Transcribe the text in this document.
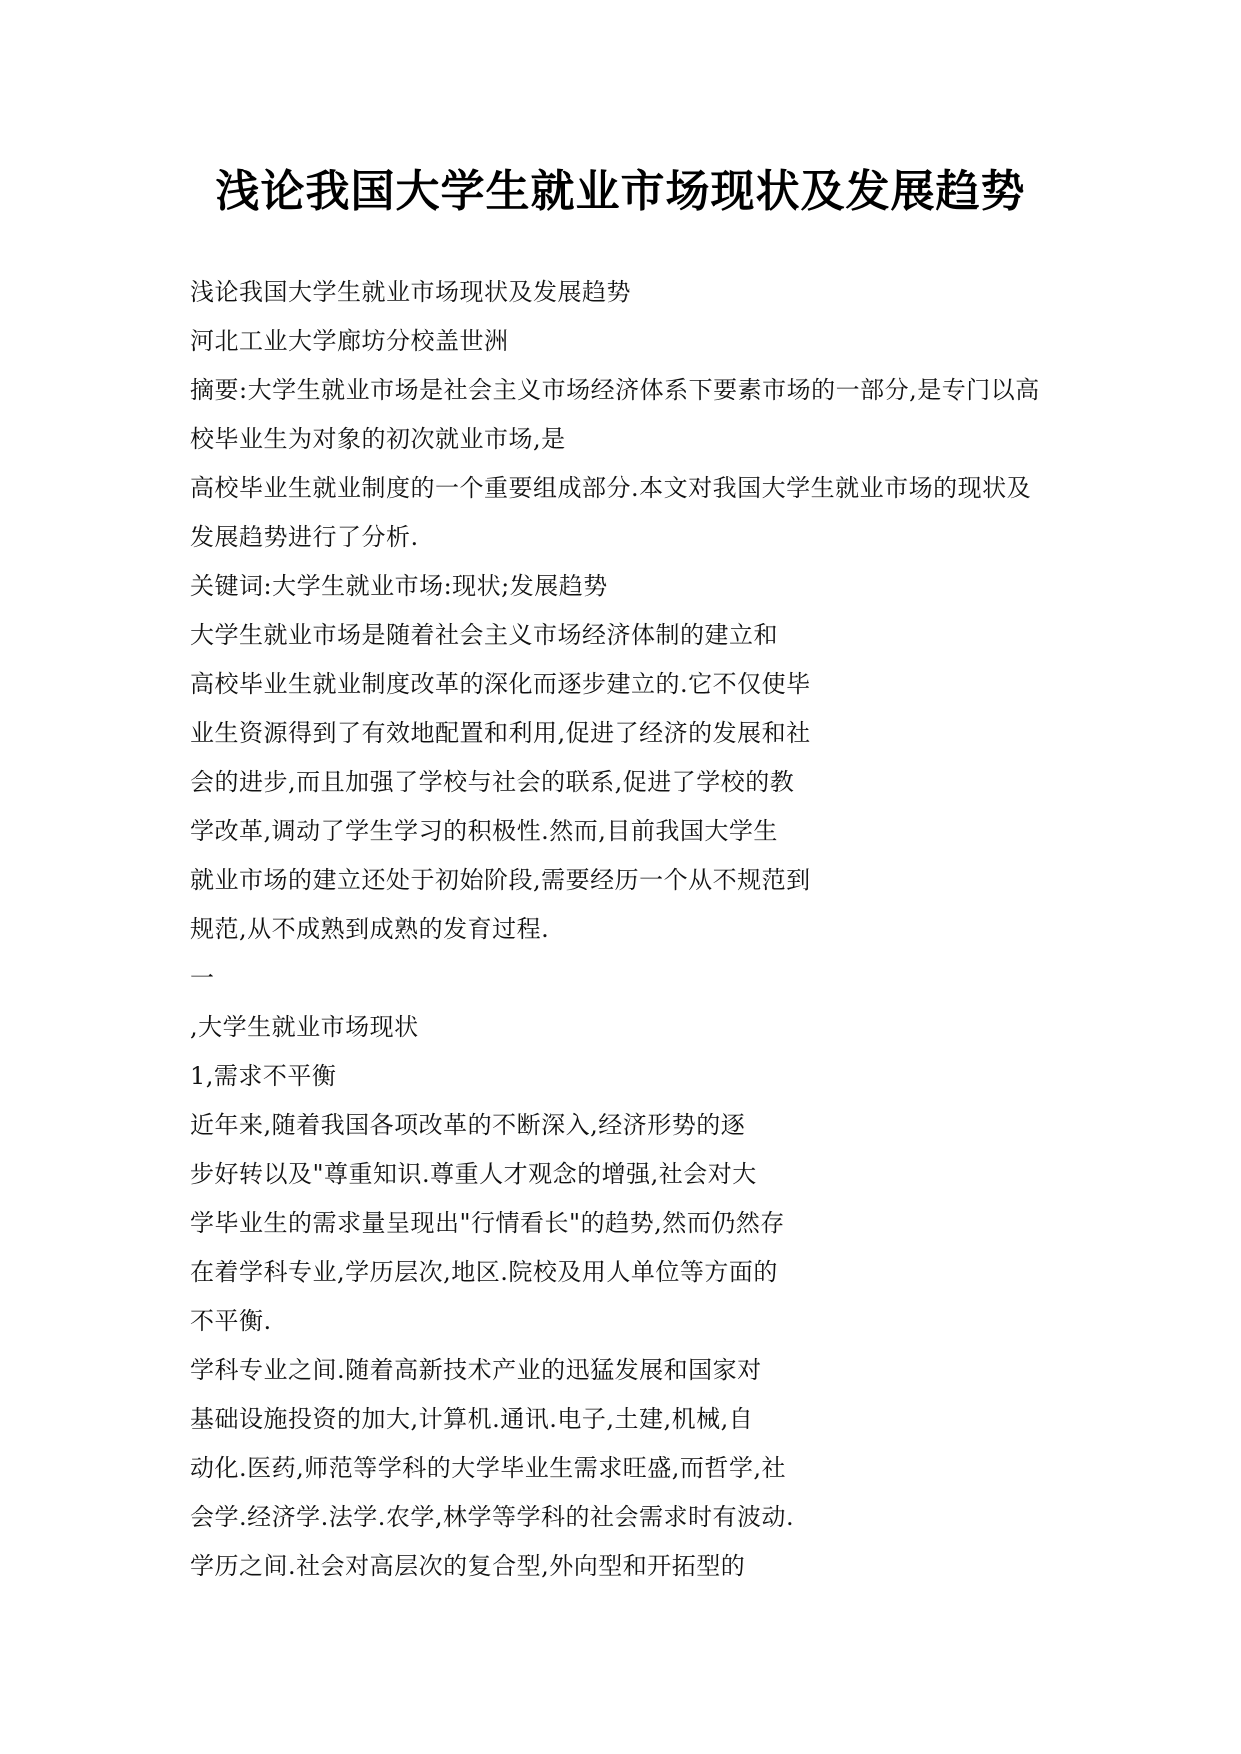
浅论我国大学生就业市场现状及发展趋势
浅论我国大学生就业市场现状及发展趋势
河北工业大学廊坊分校盖世洲
摘要:大学生就业市场是社会主义市场经济体系下要素市场的一部分,是专门以高
校毕业生为对象的初次就业市场,是
高校毕业生就业制度的一个重要组成部分.本文对我国大学生就业市场的现状及
发展趋势进行了分析.
关键词:大学生就业市场:现状;发展趋势
大学生就业市场是随着社会主义市场经济体制的建立和
高校毕业生就业制度改革的深化而逐步建立的.它不仅使毕
业生资源得到了有效地配置和利用,促进了经济的发展和社
会的进步,而且加强了学校与社会的联系,促进了学校的教
学改革,调动了学生学习的积极性.然而,目前我国大学生
就业市场的建立还处于初始阶段,需要经历一个从不规范到
规范,从不成熟到成熟的发育过程.
一
,大学生就业市场现状
1,需求不平衡
近年来,随着我国各项改革的不断深入,经济形势的逐
步好转以及"尊重知识.尊重人才观念的增强,社会对大
学毕业生的需求量呈现出"行情看长"的趋势,然而仍然存
在着学科专业,学历层次,地区.院校及用人单位等方面的
不平衡.
学科专业之间.随着高新技术产业的迅猛发展和国家对
基础设施投资的加大,计算机.通讯.电子,土建,机械,自
动化.医药,师范等学科的大学毕业生需求旺盛,而哲学,社
会学.经济学.法学.农学,林学等学科的社会需求时有波动.
学历之间.社会对高层次的复合型,外向型和开拓型的
